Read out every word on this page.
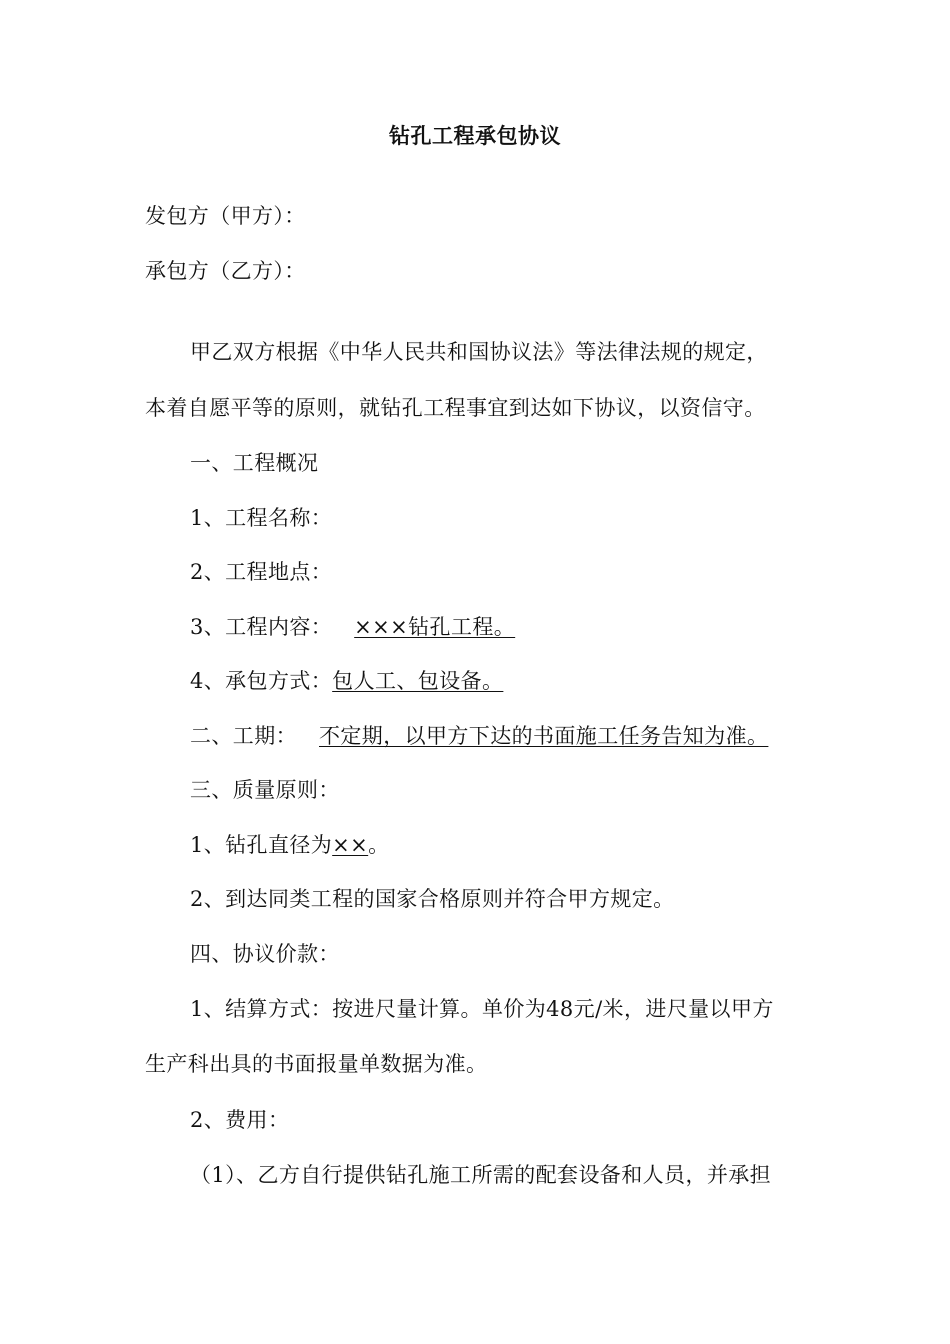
钻孔工程承包协议
发包方（甲方）：
承包方（乙方）：
甲乙双方根据《中华人民共和国协议法》等法律法规的规定，
本着自愿平等的原则，就钻孔工程事宜到达如下协议，以资信守。
一、工程概况
1、工程名称：
2、工程地点：
3、工程内容： ×××钻孔工程。
4、承包方式：包人工、包设备。
二、工期： 不定期，以甲方下达的书面施工任务告知为准。
三、质量原则：
1、钻孔直径为××。
2、到达同类工程的国家合格原则并符合甲方规定。
四、协议价款：
1、结算方式：按进尺量计算。单价为48元/米，进尺量以甲方
生产科出具的书面报量单数据为准。
2、费用：
（1）、乙方自行提供钻孔施工所需的配套设备和人员，并承担
